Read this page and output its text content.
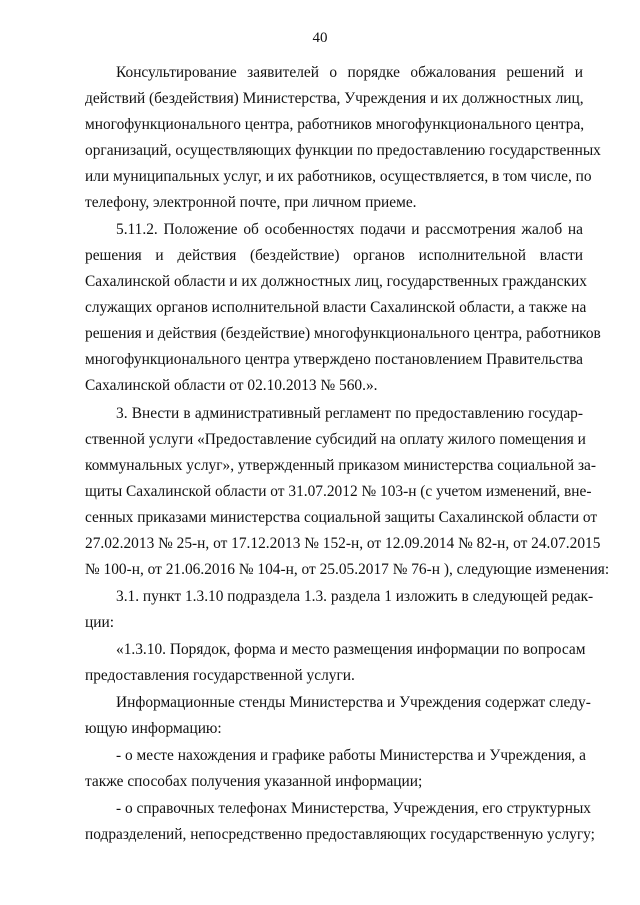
40
Консультирование заявителей о порядке обжалования решений и
действий (бездействия) Министерства, Учреждения и их должностных лиц,
многофункционального центра, работников многофункционального центра,
организаций, осуществляющих функции по предоставлению государственных
или муниципальных услуг, и их работников, осуществляется, в том числе, по
телефону, электронной почте, при личном приеме.
5.11.2. Положение об особенностях подачи и рассмотрения жалоб на
решения и действия (бездействие) органов исполнительной власти
Сахалинской области и их должностных лиц, государственных гражданских
служащих органов исполнительной власти Сахалинской области, а также на
решения и действия (бездействие) многофункционального центра, работников
многофункционального центра утверждено постановлением Правительства
Сахалинской области от 02.10.2013 № 560.».
3. Внести в административный регламент по предоставлению государ-
ственной услуги «Предоставление субсидий на оплату жилого помещения и
коммунальных услуг», утвержденный приказом министерства социальной за-
щиты Сахалинской области от 31.07.2012 № 103-н (с учетом изменений, вне-
сенных приказами министерства социальной защиты Сахалинской области от
27.02.2013 № 25-н, от 17.12.2013 № 152-н, от 12.09.2014 № 82-н, от 24.07.2015
№ 100-н, от 21.06.2016 № 104-н, от 25.05.2017 № 76-н ), следующие изменения:
3.1. пункт 1.3.10 подраздела 1.3. раздела 1 изложить в следующей редак-
ции:
«1.3.10. Порядок, форма и место размещения информации по вопросам
предоставления государственной услуги.
Информационные стенды Министерства и Учреждения содержат следу-
ющую информацию:
- о месте нахождения и графике работы Министерства и Учреждения, а
также способах получения указанной информации;
- о справочных телефонах Министерства, Учреждения, его структурных
подразделений, непосредственно предоставляющих государственную услугу;
